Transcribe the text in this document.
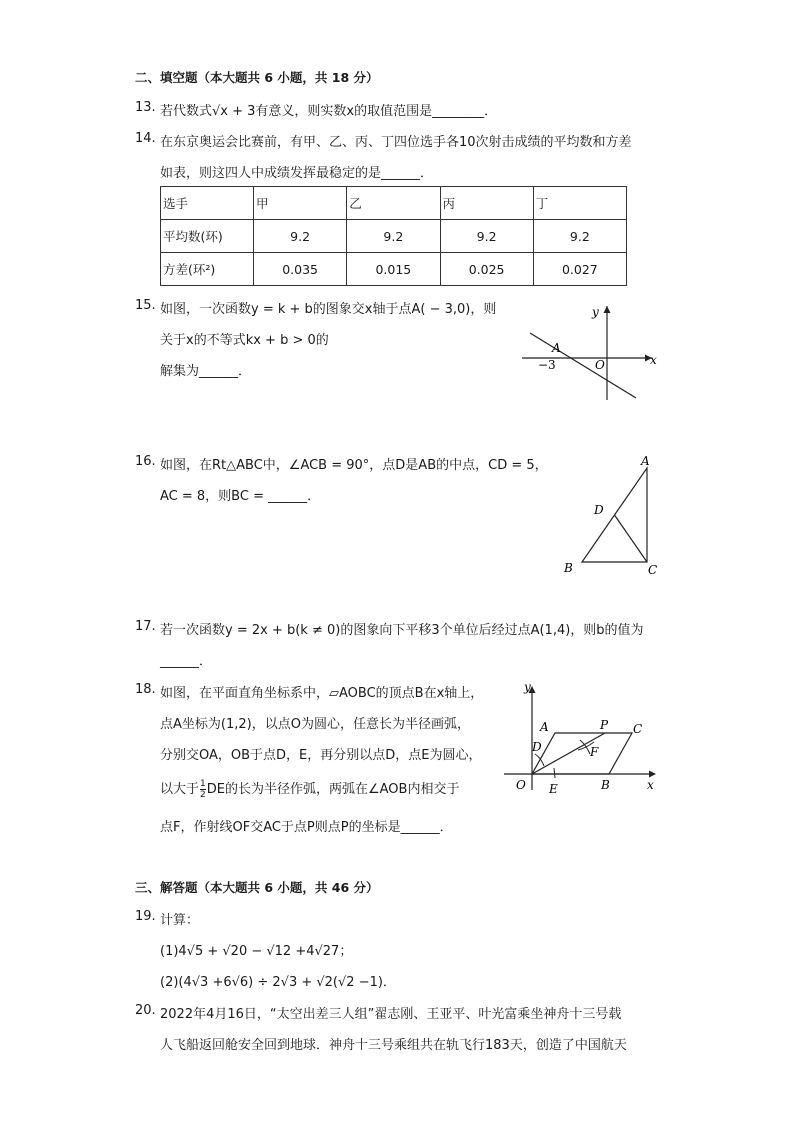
二、填空题（本大题共 6 小题，共 18 分）
13. 若代数式√x + 3有意义，则实数x的取值范围是________．
14. 在东京奥运会比赛前，有甲、乙、丙、丁四位选手各10次射击成绩的平均数和方差
如表，则这四人中成绩发挥最稳定的是______．
选手	甲	乙	丙	丁
平均数(环)	9.2	9.2	9.2	9.2
方差(环²)	0.035	0.015	0.025	0.027
15. 如图，一次函数y = k + b的图象交x轴于点A( − 3,0)，则
关于x的不等式kx + b > 0的
解集为______．
y
x
A
O
−3
16. 如图，在Rt△ABC中，∠ACB = 90°，点D是AB的中点，CD = 5，
AC = 8，则BC = ______．
A
D
B	C
17. 若一次函数y = 2x + b(k ≠ 0)的图象向下平移3个单位后经过点A(1,4)，则b的值为
______．
18. 如图，在平面直角坐标系中，▱AOBC的顶点B在x轴上，
点A坐标为(1,2)，以点O为圆心，任意长为半径画弧，
分别交OA，OB于点D，E，再分别以点D，点E为圆心，
以大于 $\frac{1}{2}$ DE的长为半径作弧，两弧在∠AOB内相交于
点F，作射线OF交AC于点P则点P的坐标是______．
y
x
A	P C
D	F
O E	B
三、解答题（本大题共 6 小题，共 46 分）
19. 计算：
(1)4√5 + √20 − √12 +4√27；
(2)(4√3 +6√6) ÷ 2√3 + √2(√2 −1)．
20. 2022年4月16日，“太空出差三人组”翟志刚、王亚平、叶光富乘坐神舟十三号载
人飞船返回舱安全回到地球．神舟十三号乘组共在轨飞行183天，创造了中国航天
